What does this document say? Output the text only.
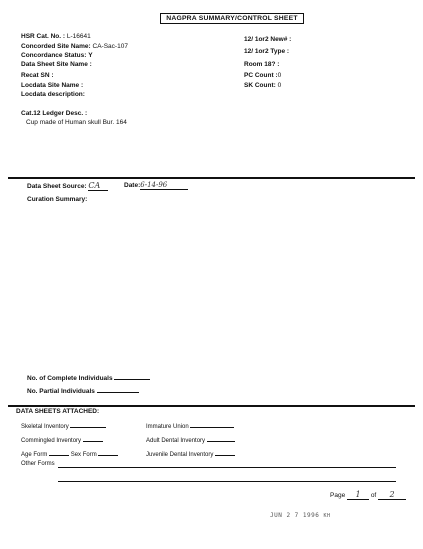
NAGPRA SUMMARY/CONTROL SHEET
HSR Cat. No. : L-16641
Concorded Site Name: CA-Sac-107
Concordance Status: Y
Data Sheet Site Name :
Recat SN :
Locdata Site Name :
Locdata description:
12/ 1or2 New# :
12/ 1or2 Type :
Room 18? :
PC Count :0
SK Count: 0
Cat.12 Ledger Desc. :
Cup made of Human skull Bur. 164
Data Sheet Source: CA	Date:6-14-96
Curation Summary:
No. of Complete Individuals
No. Partial Individuals
DATA SHEETS ATTACHED:
Skeletal Inventory	Immature Union
Commingled Inventory	Adult Dental Inventory
Age Form	Sex Form	Juvenile Dental Inventory
Other Forms
Page 1 of 2
JUN 2 7 1996 KH
